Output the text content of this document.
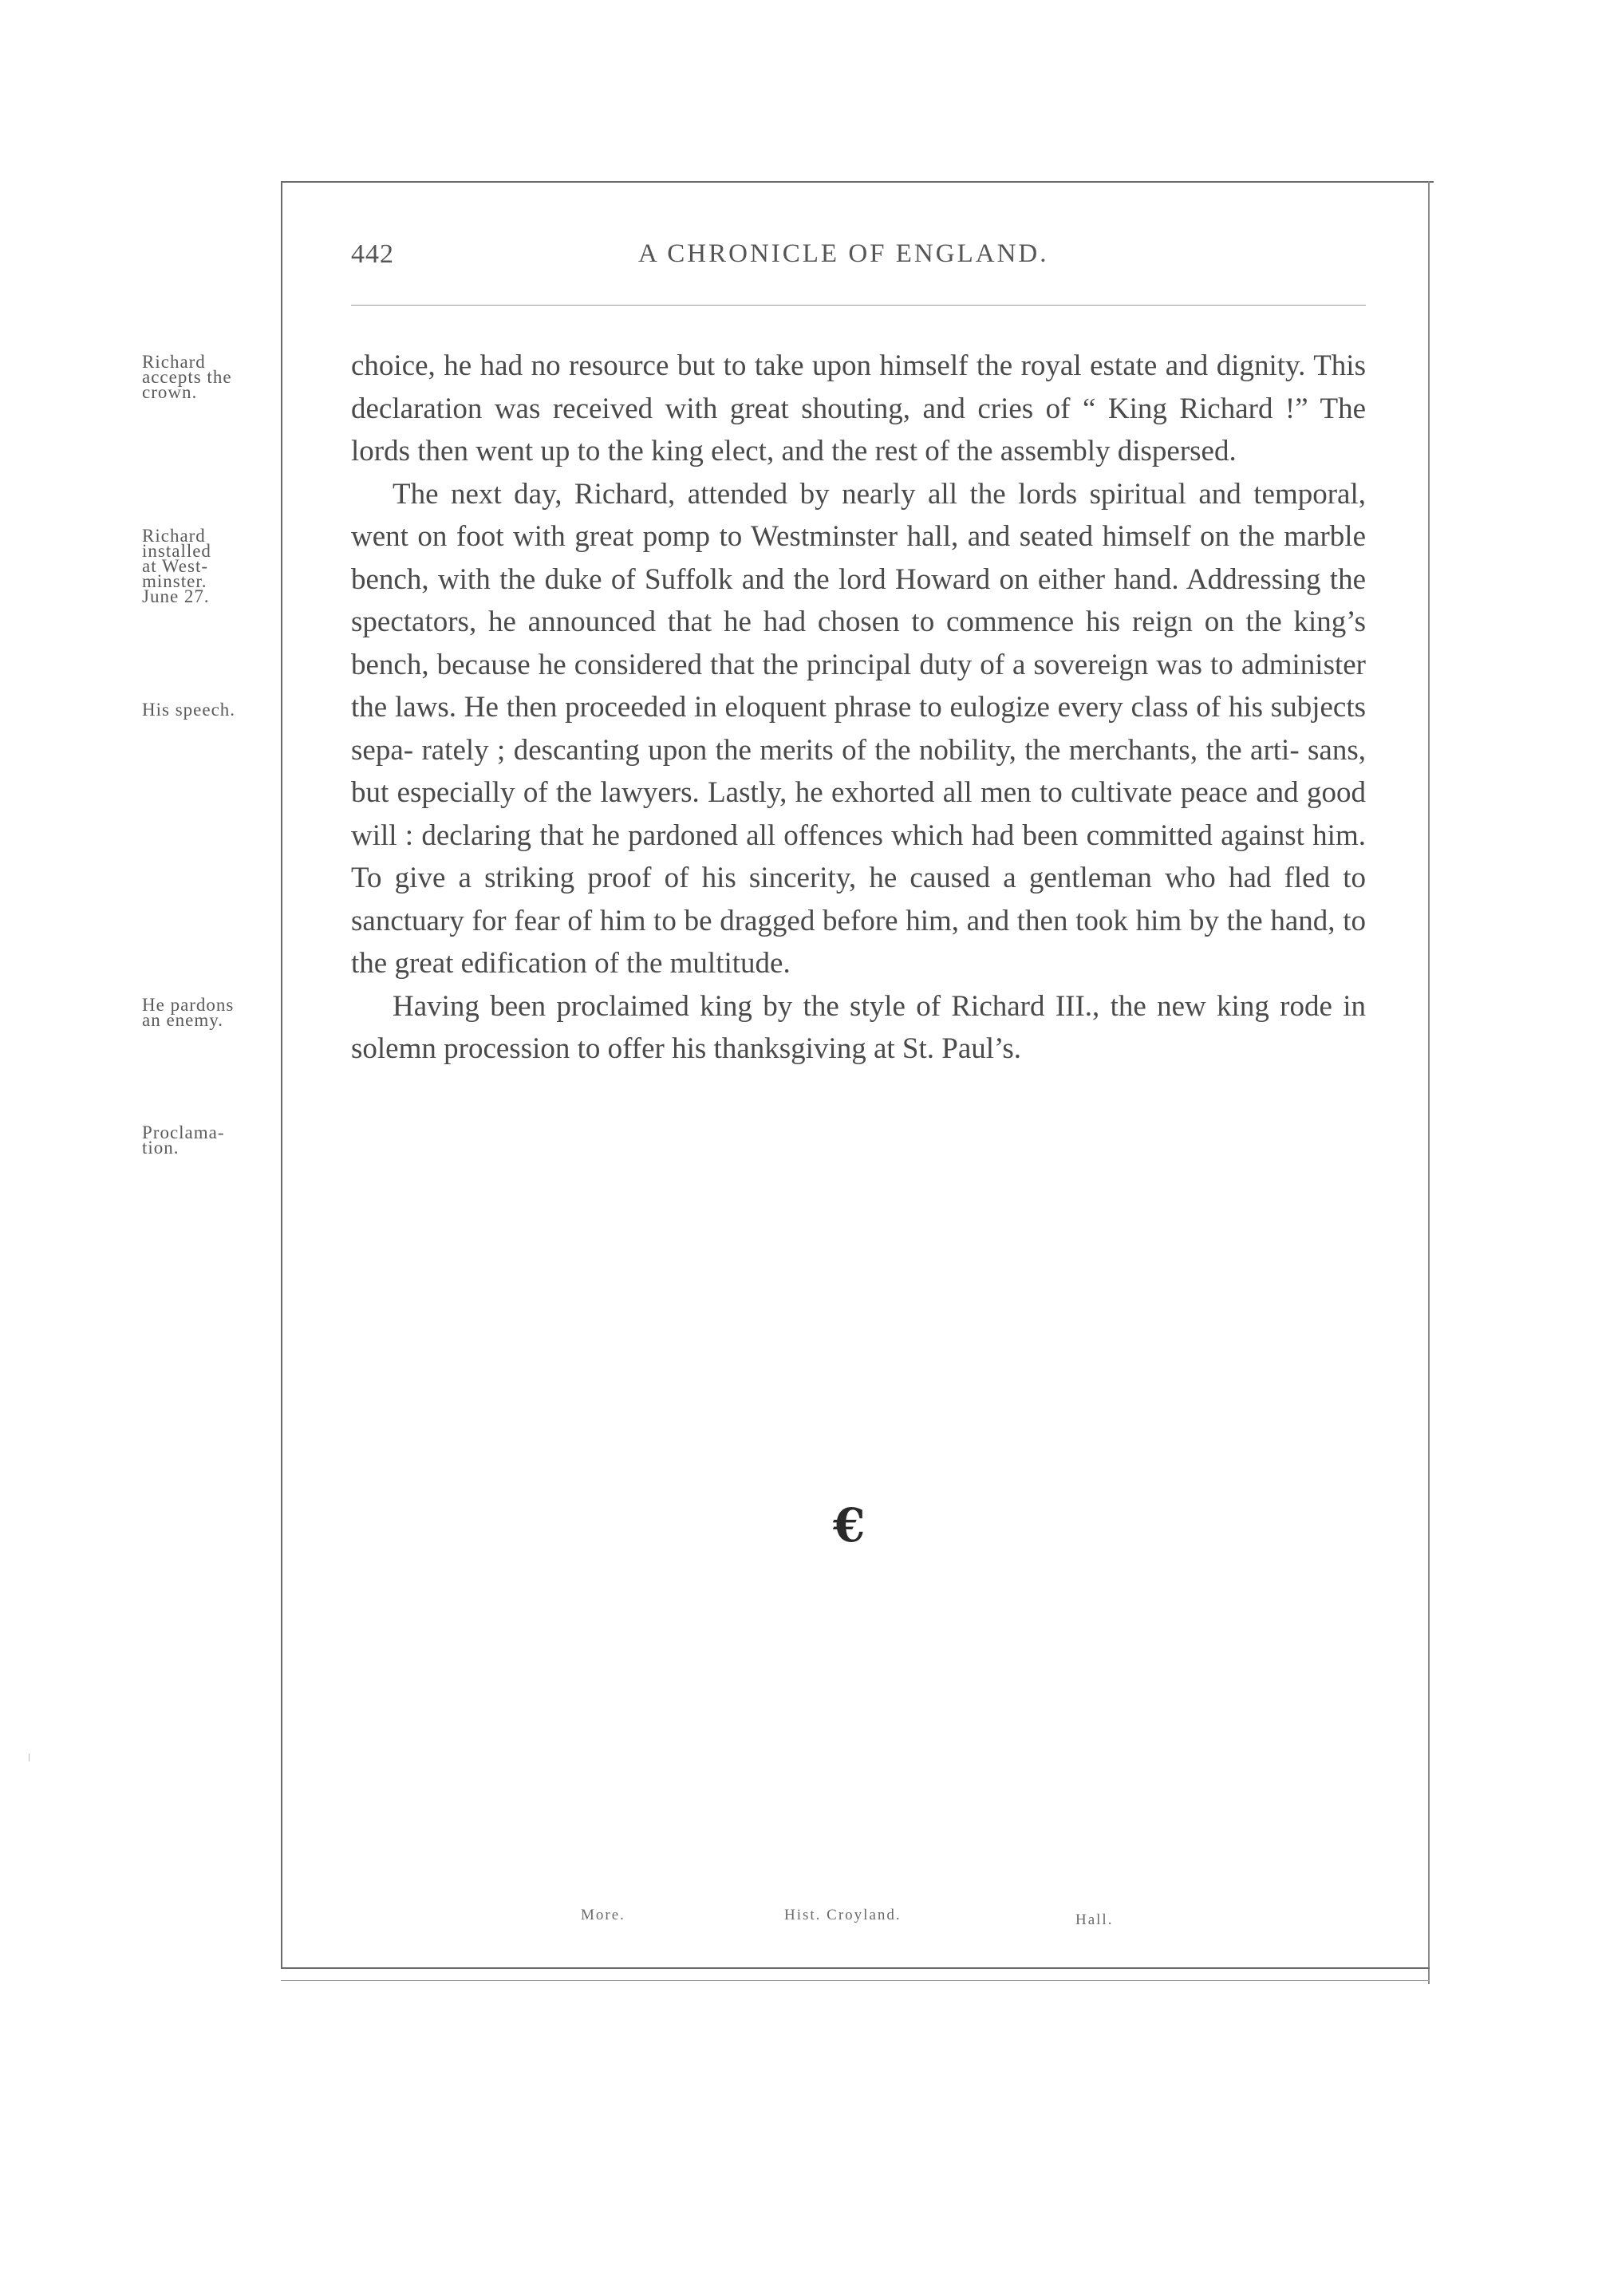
442	A CHRONICLE OF ENGLAND.
Richard
accepts the
crown.
Richard
installed
at West-
minster.
June 27.
His speech.
He pardons
an enemy.
Proclama-
tion.

choice, he had no resource but to take upon himself the royal estate and dignity. This declaration was received with great shouting, and cries of “ King Richard !” The lords then went up to the king elect, and the rest of the assembly dispersed.

The next day, Richard, attended by nearly all the lords spiritual and temporal, went on foot with great pomp to Westminster hall, and seated himself on the marble bench, with the duke of Suffolk and the lord Howard on either hand. Addressing the spectators, he announced that he had chosen to commence his reign on the king’s bench, because he considered that the principal duty of a sovereign was to administer the laws. He then proceeded in eloquent phrase to eulogize every class of his subjects sepa- rately ; descanting upon the merits of the nobility, the merchants, the arti- sans, but especially of the lawyers. Lastly, he exhorted all men to cultivate peace and good will : declaring that he pardoned all offences which had been committed against him. To give a striking proof of his sincerity, he caused a gentleman who had fled to sanctuary for fear of him to be dragged before him, and then took him by the hand, to the great edification of the multitude.

Having been proclaimed king by the style of Richard III., the new king rode in solemn procession to offer his thanksgiving at St. Paul’s.

€
More.	Hist. Croyland.	Hall.
